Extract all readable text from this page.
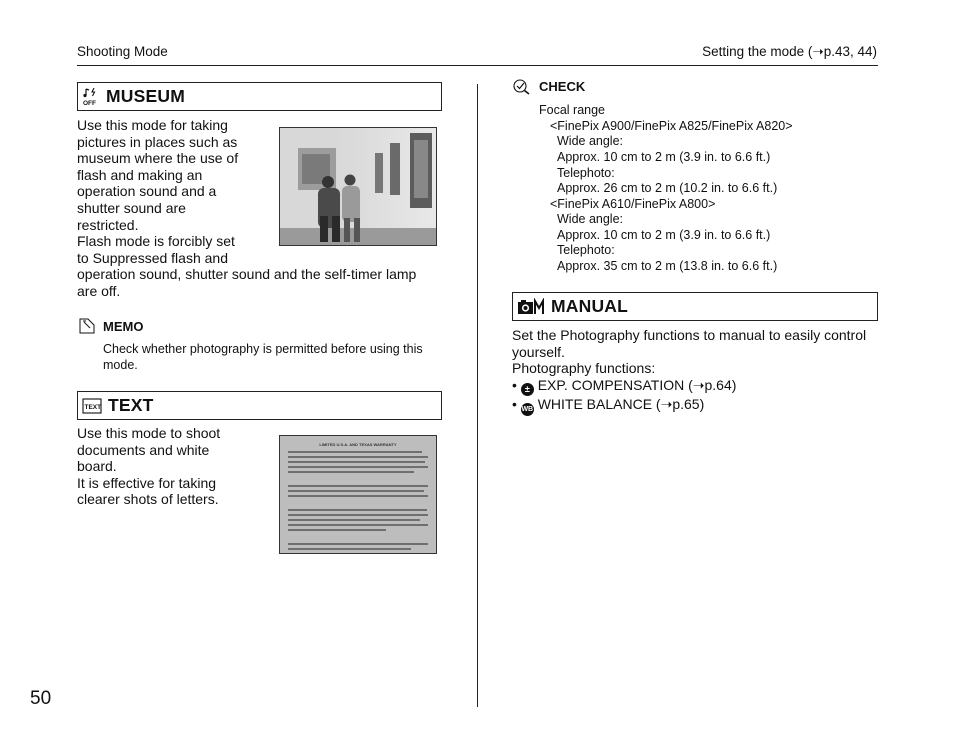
Shooting Mode	Setting the mode (➝p.43, 44)
OFF MUSEUM
Use this mode for taking
pictures in places such as
museum where the use of
flash and making an
operation sound and a
shutter sound are
restricted.
Flash mode is forcibly set
to Suppressed flash and
operation sound, shutter sound and the self-timer lamp
are off.
MEMO
Check whether photography is permitted before using this
mode.
TEXT TEXT
Use this mode to shoot
documents and white
board.
It is effective for taking
clearer shots of letters.
LIMITED U.S.A. AND TEXAS WARRANTY
CHECK
Focal range
<FinePix A900/FinePix A825/FinePix A820>
Wide angle:
Approx. 10 cm to 2 m (3.9 in. to 6.6 ft.)
Telephoto:
Approx. 26 cm to 2 m (10.2 in. to 6.6 ft.)
<FinePix A610/FinePix A800>
Wide angle:
Approx. 10 cm to 2 m (3.9 in. to 6.6 ft.)
Telephoto:
Approx. 35 cm to 2 m (13.8 in. to 6.6 ft.)
MANUAL
Set the Photography functions to manual to easily control
yourself.
Photography functions:
• ± EXP. COMPENSATION (➝p.64)
• WB WHITE BALANCE (➝p.65)
50
